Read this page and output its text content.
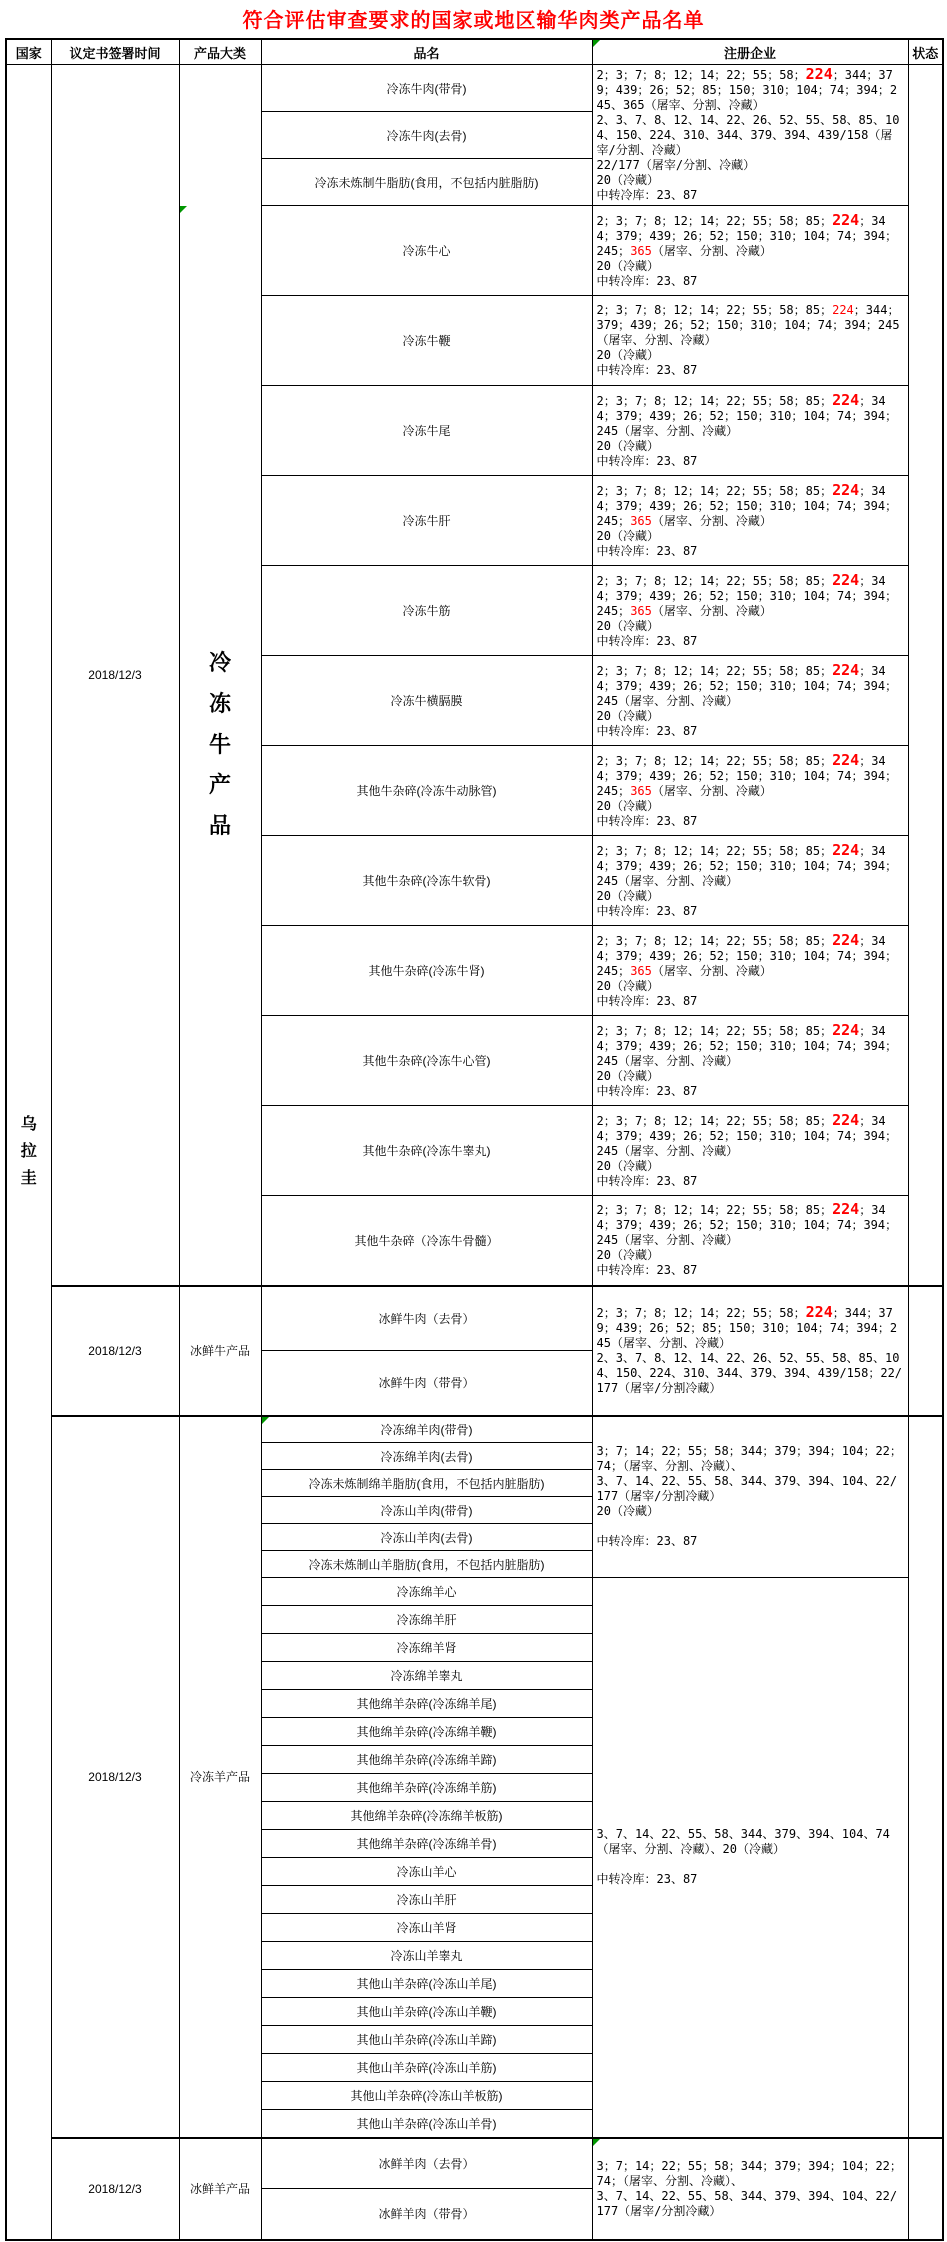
符合评估审查要求的国家或地区输华肉类产品名单
国家	议定书签署时间	产品大类	品名	注册企业	状态

乌拉圭	2018/12/3		冷冻牛肉(带骨)	2；3；7；8；12；14；22；55；58；224；344；379；439；26；52；85；150；310；104；74；394；245、365（屠宰、分割、冷藏）
2、3、7、8、12、14、22、26、52、55、58、85、104、150、224、310、344、379、394、439/158（屠宰/分割、冷藏）
22/177（屠宰/分割、冷藏）
20（冷藏）
中转冷库：23、87	

			冷冻牛肉(去骨)		
			冷冻未炼制牛脂肪(食用，不包括内脏脂肪)		

		冷冻牛产品	冷冻牛心	2；3；7；8；12；14；22；55；58；85；224；344；379；439；26；52；150；310；104；74；394；245；365（屠宰、分割、冷藏）
20（冷藏）
中转冷库：23、87	

			冷冻牛鞭	2；3；7；8；12；14；22；55；58；85；224；344；379；439；26；52；150；310；104；74；394；245（屠宰、分割、冷藏）
20（冷藏）
中转冷库：23、87	

			冷冻牛尾	2；3；7；8；12；14；22；55；58；85；224；344；379；439；26；52；150；310；104；74；394；245（屠宰、分割、冷藏）
20（冷藏）
中转冷库：23、87	

			冷冻牛肝	2；3；7；8；12；14；22；55；58；85；224；344；379；439；26；52；150；310；104；74；394；245；365（屠宰、分割、冷藏）
20（冷藏）
中转冷库：23、87	

			冷冻牛筋	2；3；7；8；12；14；22；55；58；85；224；344；379；439；26；52；150；310；104；74；394；245；365（屠宰、分割、冷藏）
20（冷藏）
中转冷库：23、87	

			冷冻牛横膈膜	2；3；7；8；12；14；22；55；58；85；224；344；379；439；26；52；150；310；104；74；394；245（屠宰、分割、冷藏）
20（冷藏）
中转冷库：23、87	

			其他牛杂碎(冷冻牛动脉管)	2；3；7；8；12；14；22；55；58；85；224；344；379；439；26；52；150；310；104；74；394；245；365（屠宰、分割、冷藏）
20（冷藏）
中转冷库：23、87	

			其他牛杂碎(冷冻牛软骨)	2；3；7；8；12；14；22；55；58；85；224；344；379；439；26；52；150；310；104；74；394；245（屠宰、分割、冷藏）
20（冷藏）
中转冷库：23、87	

			其他牛杂碎(冷冻牛肾)	2；3；7；8；12；14；22；55；58；85；224；344；379；439；26；52；150；310；104；74；394；245；365（屠宰、分割、冷藏）
20（冷藏）
中转冷库：23、87	

			其他牛杂碎(冷冻牛心管)	2；3；7；8；12；14；22；55；58；85；224；344；379；439；26；52；150；310；104；74；394；245（屠宰、分割、冷藏）
20（冷藏）
中转冷库：23、87	

			其他牛杂碎(冷冻牛睾丸)	2；3；7；8；12；14；22；55；58；85；224；344；379；439；26；52；150；310；104；74；394；245（屠宰、分割、冷藏）
20（冷藏）
中转冷库：23、87	

			其他牛杂碎（冷冻牛骨髓）	2；3；7；8；12；14；22；55；58；85；224；344；379；439；26；52；150；310；104；74；394；245（屠宰、分割、冷藏）
20（冷藏）
中转冷库：23、87	

	2018/12/3	冰鲜牛产品	冰鲜牛肉（去骨）	2；3；7；8；12；14；22；55；58；224；344；379；439；26；52；85；150；310；104；74；394；245（屠宰、分割、冷藏）
2、3、7、8、12、14、22、26、52、55、58、85、104、150、224、310、344、379、394、439/158；22/177（屠宰/分割冷藏）	

			冰鲜牛肉（带骨）		
	2018/12/3	冷冻羊产品	冷冻绵羊肉(带骨)	3；7；14；22；55；58；344；379；394；104；22；74；（屠宰、分割、冷藏）、
3、7、14、22、55、58、344、379、394、104、22/177（屠宰/分割冷藏）
20（冷藏）
中转冷库：23、87	

			冷冻绵羊肉(去骨)		
			冷冻未炼制绵羊脂肪(食用，不包括内脏脂肪)		
			冷冻山羊肉(带骨)		
			冷冻山羊肉(去骨)		
			冷冻未炼制山羊脂肪(食用，不包括内脏脂肪)		
			冷冻绵羊心	3、7、14、22、55、58、344、379、394、104、74（屠宰、分割、冷藏）、20（冷藏）
中转冷库：23、87	

			冷冻绵羊肝		
			冷冻绵羊肾		
			冷冻绵羊睾丸		
			其他绵羊杂碎(冷冻绵羊尾)		
			其他绵羊杂碎(冷冻绵羊鞭)		
			其他绵羊杂碎(冷冻绵羊蹄)		
			其他绵羊杂碎(冷冻绵羊筋)		
			其他绵羊杂碎(冷冻绵羊板筋)		
			其他绵羊杂碎(冷冻绵羊骨)		
			冷冻山羊心		
			冷冻山羊肝		
			冷冻山羊肾		
			冷冻山羊睾丸		
			其他山羊杂碎(冷冻山羊尾)		
			其他山羊杂碎(冷冻山羊鞭)		
			其他山羊杂碎(冷冻山羊蹄)		
			其他山羊杂碎(冷冻山羊筋)		
			其他山羊杂碎(冷冻山羊板筋)		
			其他山羊杂碎(冷冻山羊骨)		
	2018/12/3	冰鲜羊产品	冰鲜羊肉（去骨）	3；7；14；22；55；58；344；379；394；104；22；74；（屠宰、分割、冷藏）、
3、7、14、22、55、58、344、379、394、104、22/177（屠宰/分割冷藏）	

			冰鲜羊肉（带骨）		
